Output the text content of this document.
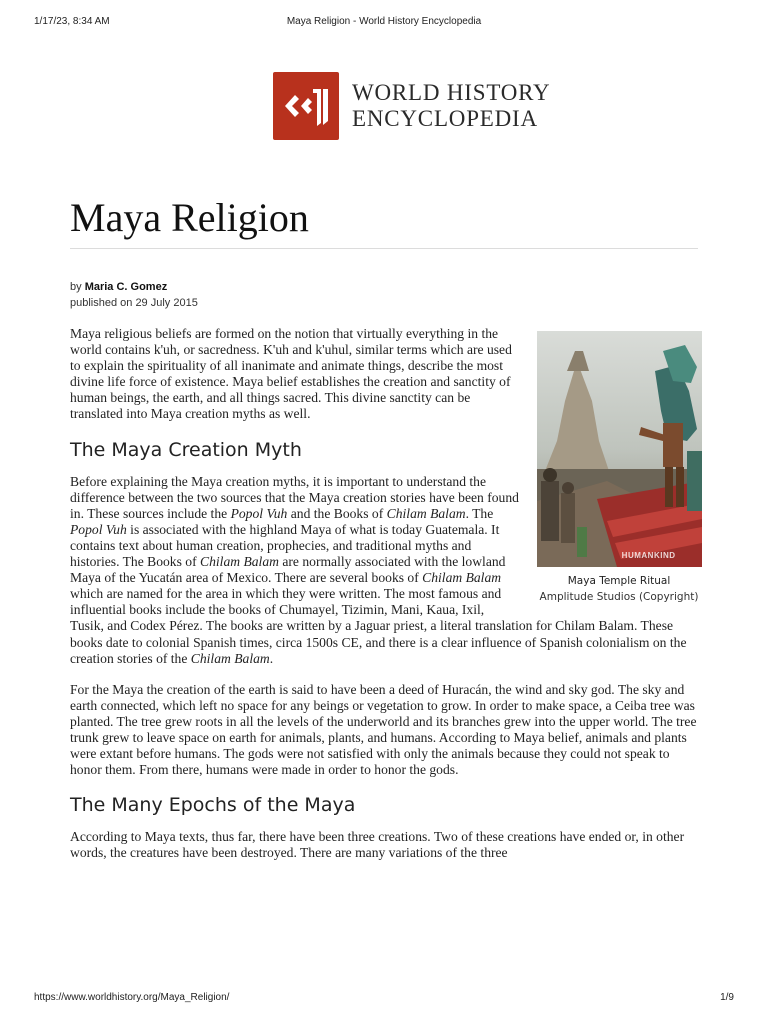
1/17/23, 8:34 AM	Maya Religion - World History Encyclopedia
WORLD HISTORY
ENCYCLOPEDIA
Maya Religion
by Maria C. Gomez
published on 29 July 2015
HUMANKIND
Maya Temple Ritual
Amplitude Studios (Copyright)

Maya religious beliefs are formed on the notion that virtually everything in the world contains k'uh, or sacredness. K'uh and k'uhul, similar terms which are used to explain the spirituality of all inanimate and animate things, describe the most divine life force of existence. Maya belief establishes the creation and sanctity of human beings, the earth, and all things sacred. This divine sanctity can be translated into Maya creation myths as well.

The Maya Creation Myth

Before explaining the Maya creation myths, it is important to understand the difference between the two sources that the Maya creation stories have been found in. These sources include the Popol Vuh and the Books of Chilam Balam. The Popol Vuh is associated with the highland Maya of what is today Guatemala. It contains text about human creation, prophecies, and traditional myths and histories. The Books of Chilam Balam are normally associated with the lowland Maya of the Yucatán area of Mexico. There are several books of Chilam Balam which are named for the area in which they were written. The most famous and influential books include the books of Chumayel, Tizimin, Mani, Kaua, Ixil, Tusik, and Codex Pérez. The books are written by a Jaguar priest, a literal translation for Chilam Balam. These books date to colonial Spanish times, circa 1500s CE, and there is a clear influence of Spanish colonialism on the creation stories of the Chilam Balam.

For the Maya the creation of the earth is said to have been a deed of Huracán, the wind and sky god. The sky and earth connected, which left no space for any beings or vegetation to grow. In order to make space, a Ceiba tree was planted. The tree grew roots in all the levels of the underworld and its branches grew into the upper world. The tree trunk grew to leave space on earth for animals, plants, and humans. According to Maya belief, animals and plants were extant before humans. The gods were not satisfied with only the animals because they could not speak to honor them. From there, humans were made in order to honor the gods.

The Many Epochs of the Maya

According to Maya texts, thus far, there have been three creations. Two of these creations have ended or, in other words, the creatures have been destroyed. There are many variations of the three

https://www.worldhistory.org/Maya_Religion/	1/9
